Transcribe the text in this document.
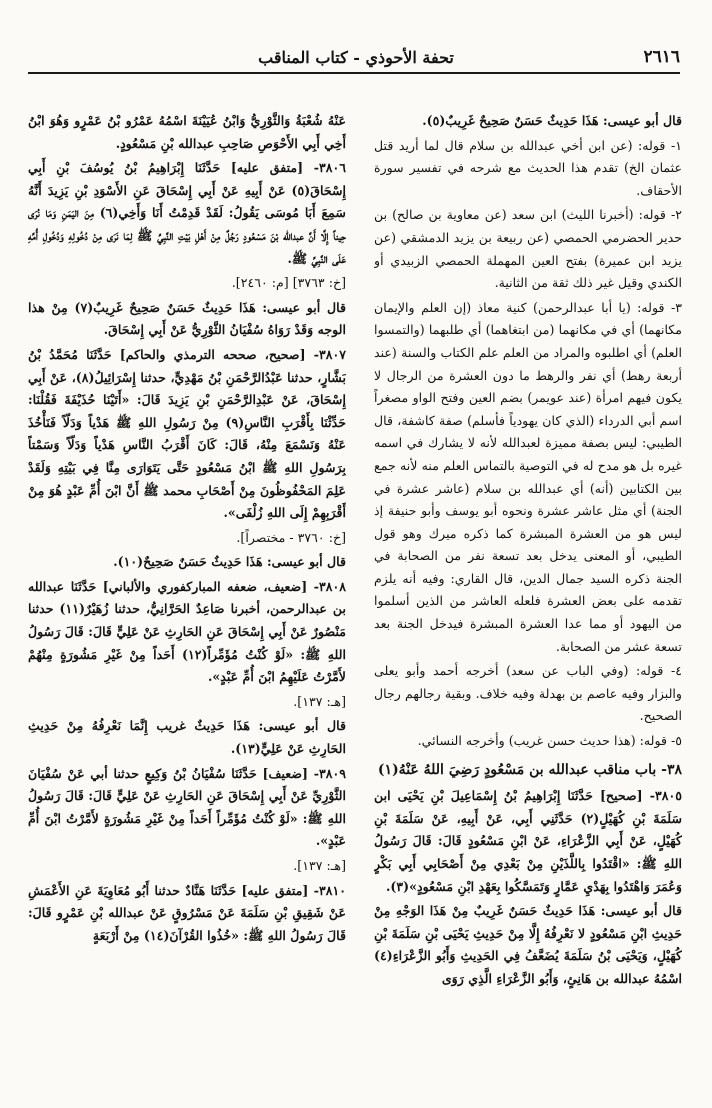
٢٦١٦
تحفة الأحوذي - كتاب المناقب

قال أبو عيسى: هَذَا حَدِيثٌ حَسَنٌ صَحِيحٌ غَرِيبٌ(٥).

١- قوله: (عن ابن أخي عبدالله بن سلام قال لما أريد قتل عثمان الخ) تقدم هذا الحديث مع شرحه في تفسير سورة الأحقاف.

٢- قوله: (أخبرنا الليث) ابن سعد (عن معاوية بن صالح) بن حدير الحضرمي الحمصي (عن ربيعة بن يزيد الدمشقي (عن يزيد ابن عميرة) بفتح العين المهملة الحمصي الزبيدي أو الكندي وقيل غير ذلك ثقة من الثانية.

٣- قوله: (يا أبا عبدالرحمن) كنية معاذ (إن العلم والإيمان مكانهما) أي في مكانهما (من ابتغاهما) أي طلبهما (والتمسوا العلم) أي اطلبوه والمراد من العلم علم الكتاب والسنة (عند أربعة رهط) أي نفر والرهط ما دون العشرة من الرجال لا يكون فيهم امرأة (عند عويمر) بضم العين وفتح الواو مصغراً اسم أبي الدرداء (الذي كان يهودياً فأسلم) صفة كاشفة، قال الطيبي: ليس بصفة مميزة لعبدالله لأنه لا يشارك في اسمه غيره بل هو مدح له في التوصية بالتماس العلم منه لأنه جمع بين الكتابين (أنه) أي عبدالله بن سلام (عاشر عشرة في الجنة) أي مثل عاشر عشرة ونحوه أبو يوسف وأبو حنيفة إذ ليس هو من العشرة المبشرة كما ذكره ميرك وهو قول الطيبي، أو المعنى يدخل بعد تسعة نفر من الصحابة في الجنة ذكره السيد جمال الدين، قال القاري: وفيه أنه يلزم تقدمه على بعض العشرة فلعله العاشر من الذين أسلموا من اليهود أو مما عدا العشرة المبشرة فيدخل الجنة بعد تسعة عشر من الصحابة.

٤- قوله: (وفي الباب عن سعد) أخرجه أحمد وأبو يعلى والبزار وفيه عاصم بن بهدلة وفيه خلاف. وبقية رجالهم رجال الصحيح.

٥- قوله: (هذا حديث حسن غريب) وأخرجه النسائي.

٣٨- باب مناقب عبدالله بن مَسْعُودٍ رَضِيَ اللهُ عَنْهُ(١)

٣٨٠٥- [صحيح] حَدَّثَنَا إِبْرَاهِيمُ بْنُ إِسْمَاعِيلَ بْنِ يَحْيَى ابن سَلَمَةَ بْنِ كُهَيْلٍ(٢) حَدَّثَنِي أَبِي، عَنْ أَبِيهِ، عَنْ سَلَمَةَ بْنِ كُهَيْلٍ، عَنْ أَبِي الزَّعْرَاءِ، عَنْ ابْنِ مَسْعُودٍ قَالَ: قَالَ رَسُولُ اللهِ ﷺ: «اقْتَدُوا بِاللَّذَيْنِ مِنْ بَعْدِي مِنْ أَصْحَابِي أَبِي بَكْرٍ وَعُمَرَ وَاهْتَدُوا بِهَدْيِ عَمَّارٍ وَتَمَسَّكُوا بِعَهْدِ ابْنِ مَسْعُودٍ»(٣).

قال أبو عيسى: هَذَا حَدِيثٌ حَسَنٌ غَرِيبٌ مِنْ هَذَا الوَجْهِ مِنْ حَدِيثِ ابْنِ مَسْعُودٍ لا نَعْرِفُهُ إِلَّا مِنْ حَدِيثِ يَحْيَى بْنِ سَلَمَةَ بْنِ كُهَيْلٍ، وَيَحْيَى بْنُ سَلَمَةَ يُضَعَّفُ فِي الحَدِيثِ وَأَبُو الزَّعْرَاءِ(٤) اسْمُهُ عبدالله بن هَانِئٍ، وَأَبُو الزَّعْرَاءِ الَّذِي رَوَى

عَنْهُ شُعْبَةُ وَالثَّوْرِيُّ وَابْنُ عُيَيْنَةَ اسْمُهُ عَمْرُو بْنُ عَمْرٍو وَهُوَ ابْنُ أَخِي أَبِي الأَحْوَصِ صَاحِبِ عبدالله بْنِ مَسْعُودٍ.

٣٨٠٦- [متفق عليه] حَدَّثَنَا إِبْرَاهِيمُ بْنُ يُوسُفَ بْنِ أَبِي إِسْحَاقَ(٥) عَنْ أَبِيهِ عَنْ أَبِي إِسْحَاقَ عَنِ الأَسْوَدِ بْنِ يَزِيدَ أَنَّهُ سَمِعَ أَبَا مُوسَى يَقُولُ: لَقَدْ قَدِمْتُ أَنَا وَأَخِي(٦) مِنَ اليَمَنِ وَمَا نُرَى حِيناً إِلَّا أَنَّ عبدالله بْنَ مَسْعُودٍ رَجُلٌ مِنْ أَهْلِ بَيْتِ النَّبِيِّ ﷺ لِمَا نَرَى مِنْ دُخُولِهِ وَدُخُولِ أُمِّهِ عَلَى النَّبِيِّ ﷺ.

[خ: ٣٧٦٣] [م: ٢٤٦٠].

قال أبو عيسى: هَذَا حَدِيثٌ حَسَنٌ صَحِيحٌ غَرِيبٌ(٧) مِنْ هذا الوجه وَقَدْ رَوَاهُ سُفْيَانُ الثَّوْرِيُّ عَنْ أَبِي إِسْحَاقَ.

٣٨٠٧- [صحيح، صححه الترمذي والحاكم] حَدَّثَنَا مُحَمَّدُ بْنُ بَشَّارٍ، حدثنا عَبْدُالرَّحْمَنِ بْنُ مَهْدِيٍّ، حدثنا إِسْرَائِيلُ(٨)، عَنْ أَبِي إِسْحَاقَ، عَنْ عَبْدِالرَّحْمَنِ بْنِ يَزِيدَ قَالَ: «أَتَيْنَا حُذَيْفَةَ فَقُلْنَا: حَدِّثْنَا بِأَقْرَبِ النَّاسِ(٩) مِنْ رَسُولِ اللهِ ﷺ هَدْياً وَدَلّاً فَنَأْخُذَ عَنْهُ وَنَسْمَعَ مِنْهُ، قَالَ: كَانَ أَقْرَبُ النَّاسِ هَدْياً وَدَلّاً وَسَمْتاً بِرَسُولِ اللهِ ﷺ ابْنُ مَسْعُودٍ حَتَّى يَتَوَارَى مِنَّا فِي بَيْتِهِ وَلَقَدْ عَلِمَ المَحْفُوظُونَ مِنْ أَصْحَابِ محمد ﷺ أَنَّ ابْنَ أُمِّ عَبْدٍ هُوَ مِنْ أَقْرَبِهِمْ إِلَى اللهِ زُلْفَى».

[خ: ٣٧٦٠ - مختصراً].

قال أبو عيسى: هَذَا حَدِيثٌ حَسَنٌ صَحِيحٌ(١٠).

٣٨٠٨- [ضعيف، ضعفه المباركفوري والألباني] حَدَّثَنَا عبدالله بن عبدالرحمن، أخبرنا صَاعِدٌ الحَرَّانِيُّ، حدثنا زُهَيْرٌ(١١) حدثنا مَنْصُورٌ عَنْ أَبِي إِسْحَاقَ عَنِ الحَارِثِ عَنْ عَلِيٍّ قَالَ: قَالَ رَسُولُ اللهِ ﷺ: «لَوْ كُنْتُ مُؤَمِّراً(١٢) أَحَداً مِنْ غَيْرِ مَشُورَةٍ مِنْهُمْ لأَمَّرْتُ عَلَيْهِمُ ابْنَ أُمِّ عَبْدٍ».

[هـ: ١٣٧].

قال أبو عيسى: هَذَا حَدِيثٌ غريب إِنَّمَا نَعْرِفُهُ مِنْ حَدِيثِ الحَارِثِ عَنْ عَلِيٍّ(١٣).

٣٨٠٩- [ضعيف] حَدَّثَنَا سُفْيَانُ بْنُ وَكِيعٍ حدثنا أبي عَنْ سُفْيَانَ الثَّوْرِيِّ عَنْ أَبِي إِسْحَاقَ عَنِ الحَارِثِ عَنْ عَلِيٍّ قَالَ: قَالَ رَسُولُ اللهِ ﷺ: «لَوْ كُنْتُ مُؤَمِّراً أَحَداً مِنْ غَيْرِ مَشُورَةٍ لأَمَّرْتُ ابْنَ أُمِّ عَبْدٍ».

[هـ: ١٣٧].

٣٨١٠- [متفق عليه] حَدَّثَنَا هَنَّادٌ حدثنا أَبُو مُعَاوِيَةَ عَنِ الأَعْمَشِ عَنْ شَقِيقِ بْنِ سَلَمَةَ عَنْ مَسْرُوقٍ عَنْ عبدالله بْنِ عَمْرٍو قَالَ: قَالَ رَسُولُ اللهِ ﷺ: «خُذُوا القُرْآنَ(١٤) مِنْ أَرْبَعَةٍ
